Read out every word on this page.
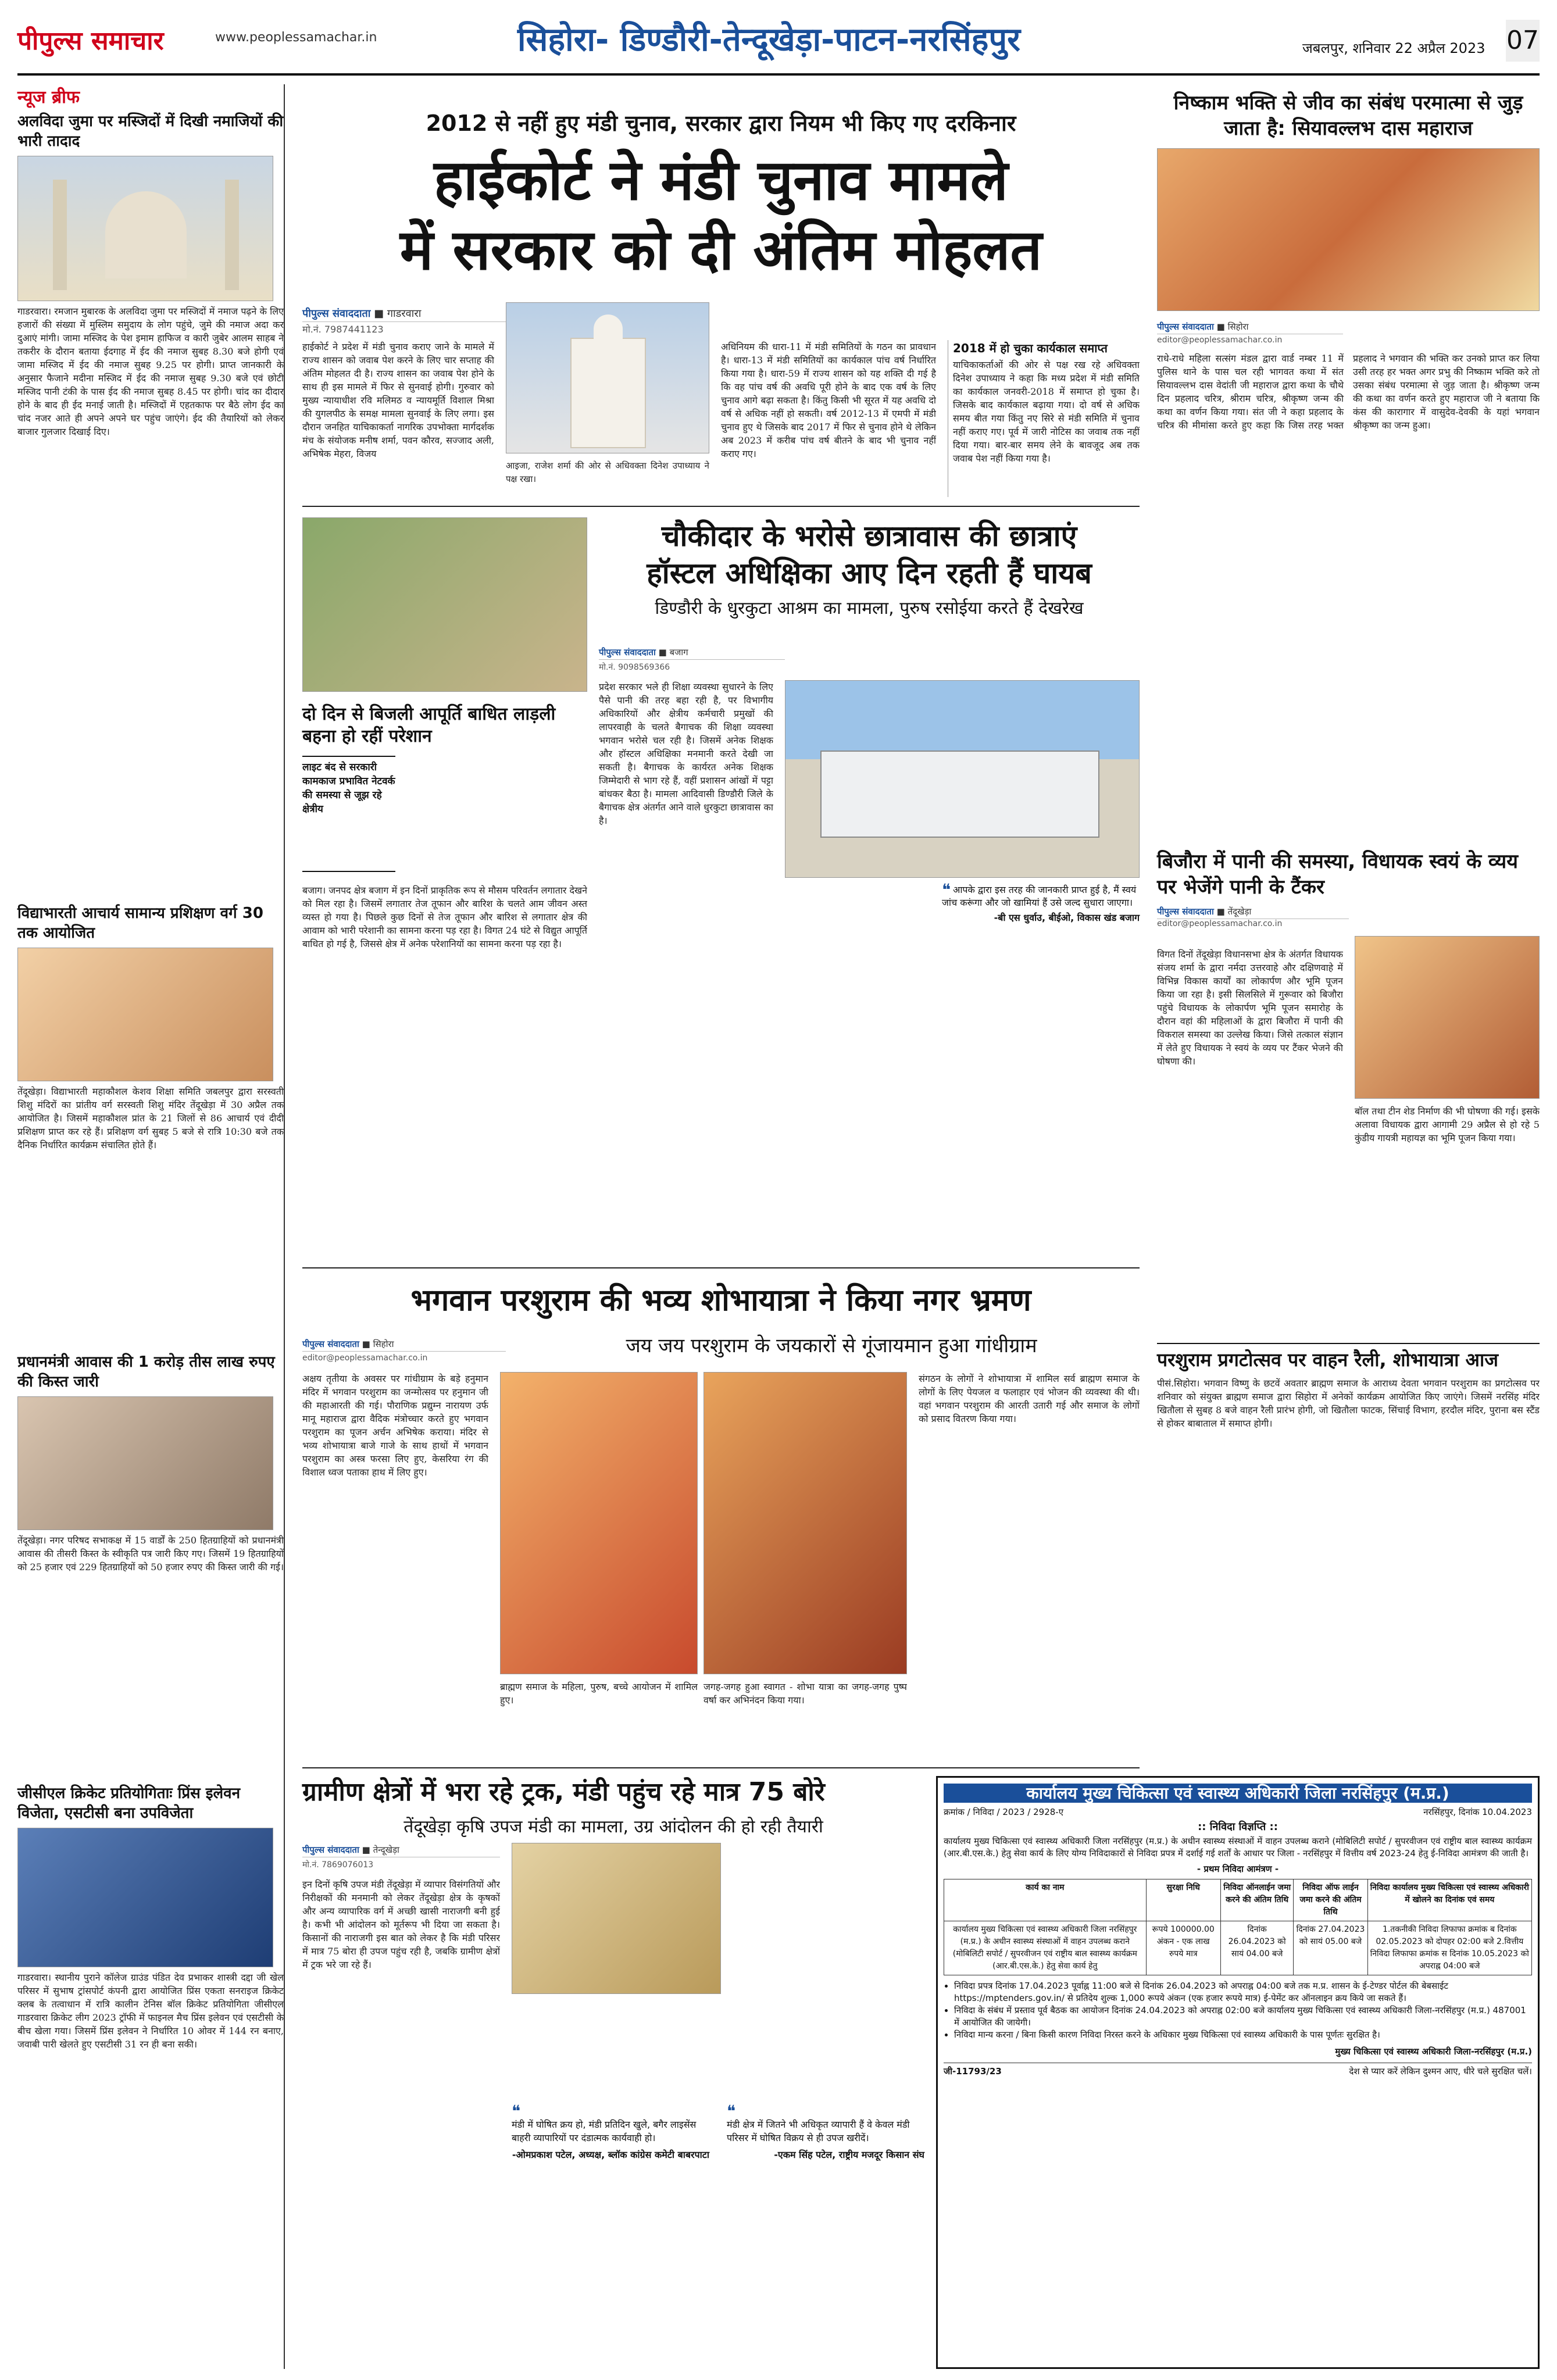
पीपुल्स समाचार	www.peoplessamachar.in	सिहोरा- डिण्डौरी-तेन्दूखेड़ा-पाटन-नरसिंहपुर	जबलपुर, शनिवार 22 अप्रैल 2023 07
न्यूज ब्रीफ
अलविदा जुमा पर मस्जिदों में दिखी नमाजियों की भारी तादाद
गाडरवारा। रमजान मुबारक के अलविदा जुमा पर मस्जिदों में नमाज पढ़ने के लिए हजारों की संख्या में मुस्लिम समुदाय के लोग पहुंचे, जुमे की नमाज अदा कर दुआएं मांगी। जामा मस्जिद के पेश इमाम हाफिज व कारी जुबेर आलम साहब ने तकरीर के दौरान बताया ईदगाह में ईद की नमाज सुबह 8.30 बजे होगी एवं जामा मस्जिद में ईद की नमाज सुबह 9.25 पर होगी। प्राप्त जानकारी के अनुसार फैजाने मदीना मस्जिद में ईद की नमाज सुबह 9.30 बजे एवं छोटी मस्जिद पानी टंकी के पास ईद की नमाज सुबह 8.45 पर होगी। चांद का दीदार होने के बाद ही ईद मनाई जाती है। मस्जिदों में एहतकाफ पर बैठे लोग ईद का चांद नजर आते ही अपने अपने घर पहुंच जाएंगे। ईद की तैयारियों को लेकर बाजार गुलजार दिखाई दिए।
विद्याभारती आचार्य सामान्य प्रशिक्षण वर्ग 30 तक आयोजित
तेंदूखेड़ा। विद्याभारती महाकौशल केशव शिक्षा समिति जबलपुर द्वारा सरस्वती शिशु मंदिरों का प्रांतीय वर्ग सरस्वती शिशु मंदिर तेंदूखेड़ा में 30 अप्रैल तक आयोजित है। जिसमें महाकौशल प्रांत के 21 जिलों से 86 आचार्य एवं दीदी प्रशिक्षण प्राप्त कर रहे हैं। प्रशिक्षण वर्ग सुबह 5 बजे से रात्रि 10:30 बजे तक दैनिक निर्धारित कार्यक्रम संचालित होते हैं।
प्रधानमंत्री आवास की 1 करोड़ तीस लाख रुपए की किस्त जारी
तेंदूखेड़ा। नगर परिषद सभाकक्ष में 15 वार्डों के 250 हितग्राहियों को प्रधानमंत्री आवास की तीसरी किस्त के स्वीकृति पत्र जारी किए गए। जिसमें 19 हितग्राहियों को 25 हजार एवं 229 हितग्राहियों को 50 हजार रुपए की किस्त जारी की गई।
जीसीएल क्रिकेट प्रतियोगिताः प्रिंस इलेवन विजेता, एसटीसी बना उपविजेता
गाडरवारा। स्थानीय पुराने कॉलेज ग्राउंड पंडित देव प्रभाकर शास्त्री दद्दा जी खेल परिसर में सुभाष ट्रांसपोर्ट कंपनी द्वारा आयोजित प्रिंस एकता सनराइज क्रिकेट क्लब के तत्वाधान में रात्रि कालीन टेनिस बॉल क्रिकेट प्रतियोगिता जीसीएल गाडरवारा क्रिकेट लीग 2023 ट्रॉफी में फाइनल मैच प्रिंस इलेवन एवं एसटीसी के बीच खेला गया। जिसमें प्रिंस इलेवन ने निर्धारित 10 ओवर में 144 रन बनाए, जवाबी पारी खेलते हुए एसटीसी 31 रन ही बना सकी।
2012 से नहीं हुए मंडी चुनाव, सरकार द्वारा नियम भी किए गए दरकिनार
हाईकोर्ट ने मंडी चुनाव मामले
में सरकार को दी अंतिम मोहलत
पीपुल्स संवाददाता ■ गाडरवारा
मो.नं. 7987441123
हाईकोर्ट ने प्रदेश में मंडी चुनाव कराए जाने के मामले में राज्य शासन को जवाब पेश करने के लिए चार सप्ताह की अंतिम मोहलत दी है। राज्य शासन का जवाब पेश होने के साथ ही इस मामले में फिर से सुनवाई होगी। गुरुवार को मुख्य न्यायाधीश रवि मलिमठ व न्यायमूर्ति विशाल मिश्रा की युगलपीठ के समक्ष मामला सुनवाई के लिए लगा। इस दौरान जनहित याचिकाकर्ता नागरिक उपभोक्ता मार्गदर्शक मंच के संयोजक मनीष शर्मा, पवन कौरव, सज्जाद अली, अभिषेक मेहरा, विजय
आइजा, राजेश शर्मा की ओर से अधिवक्ता दिनेश उपाध्याय ने पक्ष रखा।
अधिनियम की धारा-11 में मंडी समितियों के गठन का प्रावधान है। धारा-13 में मंडी समितियों का कार्यकाल पांच वर्ष निर्धारित किया गया है। धारा-59 में राज्य शासन को यह शक्ति दी गई है कि वह पांच वर्ष की अवधि पूरी होने के बाद एक वर्ष के लिए चुनाव आगे बढ़ा सकता है। किंतु किसी भी सूरत में यह अवधि दो वर्ष से अधिक नहीं हो सकती। वर्ष 2012-13 में एमपी में मंडी चुनाव हुए थे जिसके बाद 2017 में फिर से चुनाव होने थे लेकिन अब 2023 में करीब पांच वर्ष बीतने के बाद भी चुनाव नहीं कराए गए।
2018 में हो चुका कार्यकाल समाप्त
याचिकाकर्ताओं की ओर से पक्ष रख रहे अधिवक्ता दिनेश उपाध्याय ने कहा कि मध्य प्रदेश में मंडी समिति का कार्यकाल जनवरी-2018 में समाप्त हो चुका है। जिसके बाद कार्यकाल बढ़ाया गया। दो वर्ष से अधिक समय बीत गया किंतु नए सिरे से मंडी समिति में चुनाव नहीं कराए गए। पूर्व में जारी नोटिस का जवाब तक नहीं दिया गया। बार-बार समय लेने के बावजूद अब तक जवाब पेश नहीं किया गया है।
निष्काम भक्ति से जीव का संबंध परमात्मा से जुड़ जाता है: सियावल्लभ दास महाराज
पीपुल्स संवाददाता ■ सिहोरा
editor@peoplessamachar.co.in
राधे-राधे महिला सत्संग मंडल द्वारा वार्ड नम्बर 11 में पुलिस थाने के पास चल रही भागवत कथा में संत सियावल्लभ दास वेदांती जी महाराज द्वारा कथा के चौथे दिन प्रहलाद चरित्र, श्रीराम चरित्र, श्रीकृष्ण जन्म की कथा का वर्णन किया गया। संत जी ने कहा प्रहलाद के चरित्र की मीमांसा करते हुए कहा कि जिस तरह भक्त प्रहलाद ने भगवान की भक्ति कर उनको प्राप्त कर लिया उसी तरह हर भक्त अगर प्रभु की निष्काम भक्ति करे तो उसका संबंध परमात्मा से जुड़ जाता है। श्रीकृष्ण जन्म की कथा का वर्णन करते हुए महाराज जी ने बताया कि कंस की कारागार में वासुदेव-देवकी के यहां भगवान श्रीकृष्ण का जन्म हुआ।
चौकीदार के भरोसे छात्रावास की छात्राएं
हॉस्टल अधिक्षिका आए दिन रहती हैं घायब
डिण्डौरी के धुरकुटा आश्रम का मामला, पुरुष रसोईया करते हैं देखरेख
पीपुल्स संवाददाता ■ बजाग
मो.नं. 9098569366
प्रदेश सरकार भले ही शिक्षा व्यवस्था सुधारने के लिए पैसे पानी की तरह बहा रही है, पर विभागीय अधिकारियों और क्षेत्रीय कर्मचारी प्रमुखों की लापरवाही के चलते बैगाचक की शिक्षा व्यवस्था भगवान भरोसे चल रही है। जिसमें अनेक शिक्षक और हॉस्टल अधिक्षिका मनमानी करते देखी जा सकती है। बैगाचक के कार्यरत अनेक शिक्षक जिम्मेदारी से भाग रहे हैं, वहीं प्रशासन आंखों में पट्टा बांधकर बैठा है। मामला आदिवासी डिण्डौरी जिले के बैगाचक क्षेत्र अंतर्गत आने वाले धुरकुटा छात्रावास का है।
❝ आपके द्वारा इस तरह की जानकारी प्राप्त हुई है, मैं स्वयं जांच करूंगा और जो खामियां हैं उसे जल्द सुधारा जाएगा।
-बी एस धुर्वाउ, बीईओ, विकास खंड बजाग
दो दिन से बिजली आपूर्ति बाधित लाड़ली बहना हो रहीं परेशान
लाइट बंद से सरकारी कामकाज प्रभावित नेटवर्क की समस्या से जूझ रहे क्षेत्रीय
बजाग। जनपद क्षेत्र बजाग में इन दिनों प्राकृतिक रूप से मौसम परिवर्तन लगातार देखने को मिल रहा है। जिसमें लगातार तेज तूफान और बारिश के चलते आम जीवन अस्त व्यस्त हो गया है। पिछले कुछ दिनों से तेज तूफान और बारिश से लगातार क्षेत्र की आवाम को भारी परेशानी का सामना करना पड़ रहा है। विगत 24 घंटे से विद्युत आपूर्ति बाधित हो गई है, जिससे क्षेत्र में अनेक परेशानियों का सामना करना पड़ रहा है।
बिजौरा में पानी की समस्या, विधायक स्वयं के व्यय पर भेजेंगे पानी के टैंकर
पीपुल्स संवाददाता ■ तेंदूखेड़ा
editor@peoplessamachar.co.in
विगत दिनों तेंदूखेड़ा विधानसभा क्षेत्र के अंतर्गत विधायक संजय शर्मा के द्वारा नर्मदा उत्तरवाहे और दक्षिणवाहे में विभिन्न विकास कार्यों का लोकार्पण और भूमि पूजन किया जा रहा है। इसी सिलसिले में गुरूवार को बिजौरा पहुंचे विधायक के लोकार्पण भूमि पूजन समारोह के दौरान वहां की महिलाओं के द्वारा बिजौरा में पानी की विकराल समस्या का उल्लेख किया। जिसे तत्काल संज्ञान में लेते हुए विधायक ने स्वयं के व्यय पर टैंकर भेजने की घोषणा की।
बॉल तथा टीन शेड निर्माण की भी घोषणा की गई। इसके अलावा विधायक द्वारा आगामी 29 अप्रैल से हो रहे 5 कुंडीय गायत्री महायज्ञ का भूमि पूजन किया गया।
भगवान परशुराम की भव्य शोभायात्रा ने किया नगर भ्रमण
पीपुल्स संवाददाता ■ सिहोरा
editor@peoplessamachar.co.in
जय जय परशुराम के जयकारों से गूंजायमान हुआ गांधीग्राम
अक्षय तृतीया के अवसर पर गांधीग्राम के बड़े हनुमान मंदिर में भगवान परशुराम का जन्मोत्सव पर हनुमान जी की महाआरती की गई। पौराणिक प्रद्युम्न नारायण उर्फ मानू महाराज द्वारा वैदिक मंत्रोच्चार करते हुए भगवान परशुराम का पूजन अर्चन अभिषेक कराया। मंदिर से भव्य शोभायात्रा बाजे गाजे के साथ हाथों में भगवान परशुराम का अस्त्र फरसा लिए हुए, केसरिया रंग की विशाल ध्वज पताका हाथ में लिए हुए।
ब्राह्मण समाज के महिला, पुरुष, बच्चे आयोजन में शामिल हुए।
जगह-जगह हुआ स्वागत - शोभा यात्रा का जगह-जगह पुष्प वर्षा कर अभिनंदन किया गया।
संगठन के लोगों ने शोभायात्रा में शामिल सर्व ब्राह्मण समाज के लोगों के लिए पेयजल व फलाहार एवं भोजन की व्यवस्था की थी। वहां भगवान परशुराम की आरती उतारी गई और समाज के लोगों को प्रसाद वितरण किया गया।
परशुराम प्रगटोत्सव पर वाहन रैली, शोभायात्रा आज
पीसं.सिहोरा। भगवान विष्णु के छटवें अवतार ब्राह्मण समाज के आराध्य देवता भगवान परशुराम का प्रगटोत्सव पर शनिवार को संयुक्त ब्राह्मण समाज द्वारा सिहोरा में अनेकों कार्यक्रम आयोजित किए जाएंगे। जिसमें नरसिंह मंदिर खितौला से सुबह 8 बजे वाहन रैली प्रारंभ होगी, जो खितौला फाटक, सिंचाई विभाग, हरदौल मंदिर, पुराना बस स्टैंड से होकर बाबाताल में समाप्त होगी।
ग्रामीण क्षेत्रों में भरा रहे ट्रक, मंडी पहुंच रहे मात्र 75 बोरे
तेंदूखेड़ा कृषि उपज मंडी का मामला, उग्र आंदोलन की हो रही तैयारी
पीपुल्स संवाददाता ■ तेन्दूखेड़ा
मो.नं. 7869076013
इन दिनों कृषि उपज मंडी तेंदूखेड़ा में व्यापार विसंगतियों और निरीक्षकों की मनमानी को लेकर तेंदूखेड़ा क्षेत्र के कृषकों और अन्य व्यापारिक वर्ग में अच्छी खासी नाराजगी बनी हुई है। कभी भी आंदोलन को मूर्तरूप भी दिया जा सकता है। किसानों की नाराजगी इस बात को लेकर है कि मंडी परिसर में मात्र 75 बोरा ही उपज पहुंच रही है, जबकि ग्रामीण क्षेत्रों में ट्रक भरे जा रहे हैं।
❝
मंडी में घोषित क्रय हो, मंडी प्रतिदिन खुले, बगैर लाइसेंस बाहरी व्यापारियों पर दंडात्मक कार्यवाही हो।
-ओमप्रकाश पटेल, अध्यक्ष, ब्लॉक कांग्रेस कमेटी बाबरपाटा
❝
मंडी क्षेत्र में जितने भी अधिकृत व्यापारी हैं वे केवल मंडी परिसर में घोषित विक्रय से ही उपज खरीदें।
-एकम सिंह पटेल, राष्ट्रीय मजदूर किसान संघ
कार्यालय मुख्य चिकित्सा एवं स्वास्थ्य अधिकारी जिला नरसिंहपुर (म.प्र.)
क्रमांक / निविदा / 2023 / 2928-ए	नरसिंहपुर, दिनांक 10.04.2023
:: निविदा विज्ञप्ति ::
कार्यालय मुख्य चिकित्सा एवं स्वास्थ्य अधिकारी जिला नरसिंहपुर (म.प्र.) के अधीन स्वास्थ्य संस्थाओं में वाहन उपलब्ध कराने (मोबिलिटी सपोर्ट / सुपरवीजन एवं राष्ट्रीय बाल स्वास्थ्य कार्यक्रम (आर.बी.एस.के.) हेतु सेवा कार्य के लिए योग्य निविदाकारों से निविदा प्रपत्र में दर्शाई गई शर्तों के आधार पर जिला - नरसिंहपुर में वित्तीय वर्ष 2023-24 हेतु ई-निविदा आमंत्रण की जाती है।
- प्रथम निविदा आमंत्रण -
कार्य का नाम	सुरक्षा निधि	निविदा ऑनलाईन जमा करने की अंतिम तिथि	निविदा ऑफ लाईन जमा करने की अंतिम तिथि	निविदा कार्यालय मुख्य चिकित्सा एवं स्वास्थ्य अधिकारी में खोलने का दिनांक एवं समय
कार्यालय मुख्य चिकित्सा एवं स्वास्थ्य अधिकारी जिला नरसिंहपुर (म.प्र.) के अधीन स्वास्थ्य संस्थाओं में वाहन उपलब्ध कराने (मोबिलिटी सपोर्ट / सुपरवीजन एवं राष्ट्रीय बाल स्वास्थ्य कार्यक्रम (आर.बी.एस.के.) हेतु सेवा कार्य हेतु	रूपये 100000.00 अंकन - एक लाख रुपये मात्र	दिनांक 26.04.2023 को सायं 04.00 बजे	दिनांक 27.04.2023 को सायं 05.00 बजे	1.तकनीकी निविदा लिफाफा क्रमांक ब दिनांक 02.05.2023 को दोपहर 02:00 बजे 2.वित्तीय निविदा लिफाफा क्रमांक स दिनांक 10.05.2023 को अपराह्न 04:00 बजे
• निविदा प्रपत्र दिनांक 17.04.2023 पूर्वाह्न 11:00 बजे से दिनांक 26.04.2023 को अपराह्न 04:00 बजे तक म.प्र. शासन के ई-टेण्डर पोर्टल की बेबसाईट https://mptenders.gov.in/ से प्रतिदेय शुल्क 1,000 रूपये अंकन (एक हजार रूपये मात्र) ई-पेमेंट कर ऑनलाइन क्रय किये जा सकते हैं।
• निविदा के संबंध में प्रस्ताव पूर्व बैठक का आयोजन दिनांक 24.04.2023 को अपराह्न 02:00 बजे कार्यालय मुख्य चिकित्सा एवं स्वास्थ्य अधिकारी जिला-नरसिंहपुर (म.प्र.) 487001 में आयोजित की जायेगी।
• निविदा मान्य करना / बिना किसी कारण निविदा निरस्त करने के अधिकार मुख्य चिकित्सा एवं स्वास्थ्य अधिकारी के पास पूर्णतः सुरक्षित है।
मुख्य चिकित्सा एवं स्वास्थ्य अधिकारी जिला-नरसिंहपुर (म.प्र.)
जी-11793/23	देश से प्यार करें लेकिन दुश्मन आए, धीरे चले सुरक्षित चलें।
